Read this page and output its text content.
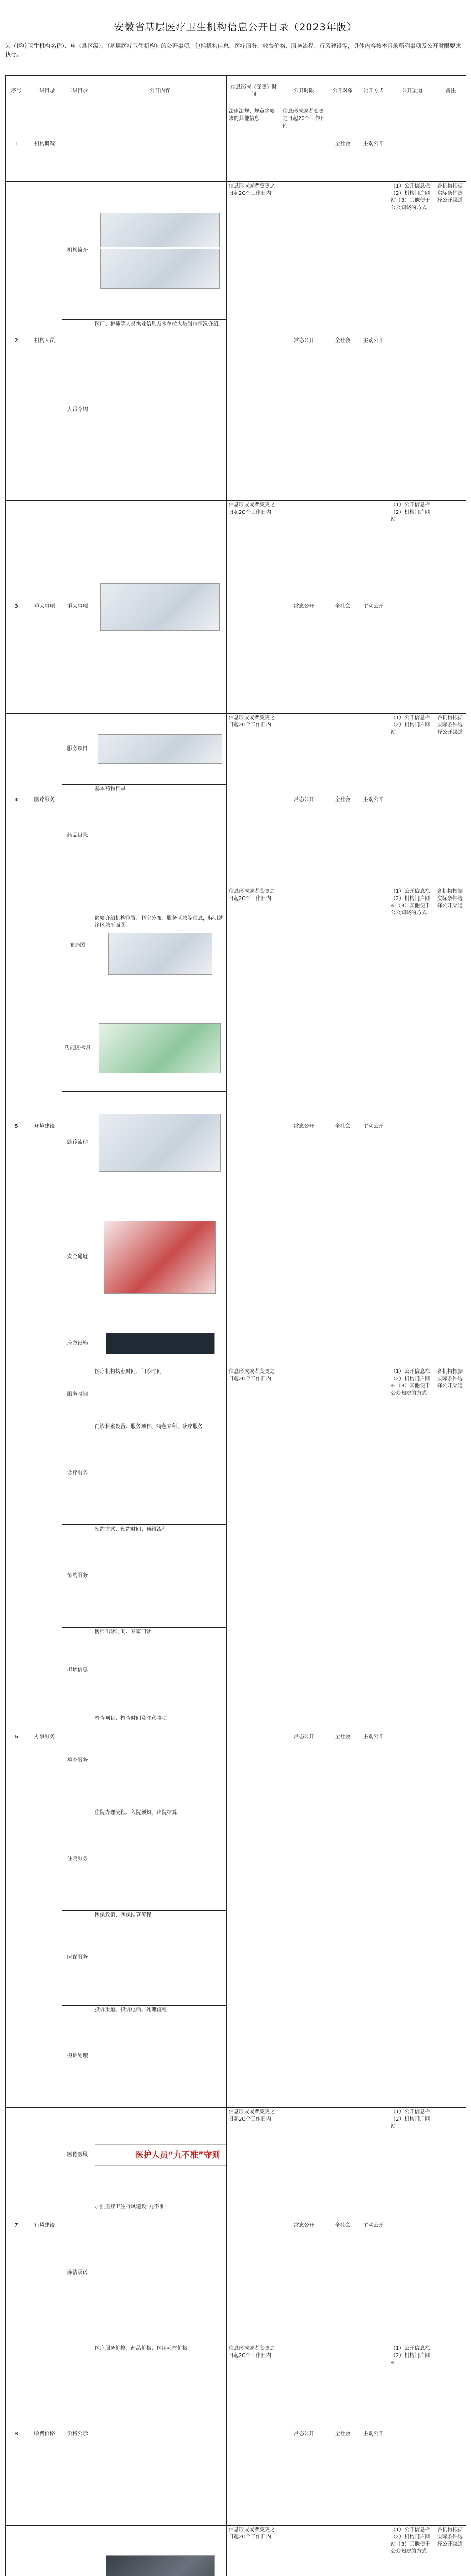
安徽省基层医疗卫生机构信息公开目录（2023年版）
为（医疗卫生机构名称）、申（县区级）、（基层医疗卫生机构）的公开事项，包括机构信息、医疗服务、收费价格、服务流程、行风建设等，具体内容按本目录所列事项及公开时限要求执行。
序号	一级目录	二级目录	公开内容	信息形成（变更）时间	公开时限	公开对象	公开方式	公开渠道	备注
1	机构概况			法律法规、规章等要求的其他信息	信息形成或者变更之日起20个工作日内	全社会	主动公开		
2	机构人员	机构简介		信息形成或者变更之日起20个工作日内	常态公开	全社会	主动公开	（1）公开信息栏（2）机构门户网站（3）其他便于公众知晓的方式	各机构根据实际条件选择公开渠道
		人员介绍	医师、护师等人员执业信息及本单位人员岗位情况介绍。						
3	重大事项	重大事项		信息形成或者变更之日起20个工作日内	常态公开	全社会	主动公开	（1）公开信息栏（2）机构门户网站	
4	医疗服务	服务项目		信息形成或者变更之日起20个工作日内	常态公开	全社会	主动公开	（1）公开信息栏（2）机构门户网站	各机构根据实际条件选择公开渠道
		药品目录	基本药物目录						
5	环境建设	布局图	简要介绍机构位置、科室分布、服务区域等信息，标明就诊区域平面图	信息形成或者变更之日起20个工作日内	常态公开	全社会	主动公开	（1）公开信息栏（2）机构门户网站（3）其他便于公众知晓的方式	各机构根据实际条件选择公开渠道
		功能区标识							

		就诊流程							

		安全通道							

		应急设施							

6	办事服务	服务时间	医疗机构执业时间、门诊时间	信息形成或者变更之日起20个工作日内	常态公开	全社会	主动公开	（1）公开信息栏（2）机构门户网站（3）其他便于公众知晓的方式	各机构根据实际条件选择公开渠道
		诊疗服务	门诊科室设置、服务项目、特色专科、诊疗服务						
		预约服务	预约方式、预约时间、预约流程						
		出诊信息	医师出诊时间、专家门诊						
		检查服务	检查项目、检查时间及注意事项						
		住院服务	住院办理流程、入院须知、出院结算						
		医保服务	医保政策、医保结算流程						
		投诉处理	投诉渠道、投诉电话、处理流程						
7	行风建设	医德医风	医护人员“九不准”守则	信息形成或者变更之日起20个工作日内	常态公开	全社会	主动公开	（1）公开信息栏（2）机构门户网站	
		廉洁承诺	加强医疗卫生行风建设“九不准”						
8	收费价格	价格公示	医疗服务价格、药品价格、医用耗材价格	信息形成或者变更之日起20个工作日内	常态公开	全社会	主动公开	（1）公开信息栏（2）机构门户网站	

	信息形成或者变更之日起20个工作日内				（1）公开信息栏（2）机构门户网站（3）其他便于公众知晓的方式	各机构根据实际条件选择公开渠道
